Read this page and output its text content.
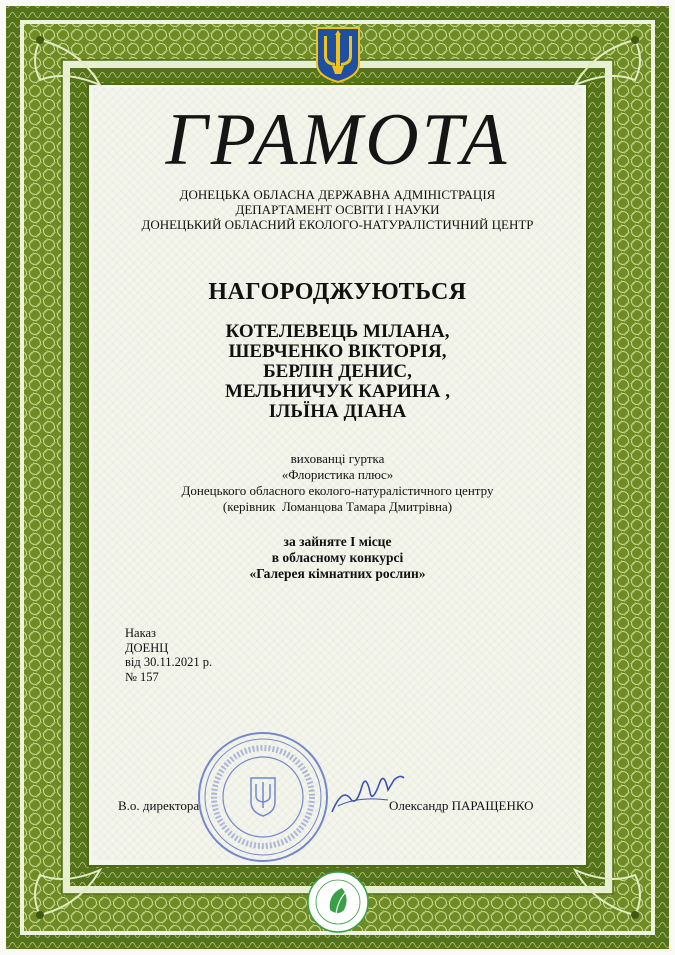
ГРАМОТА
ДОНЕЦЬКА ОБЛАСНА ДЕРЖАВНА АДМІНІСТРАЦІЯ
ДЕПАРТАМЕНТ ОСВІТИ І НАУКИ
ДОНЕЦЬКИЙ ОБЛАСНИЙ ЕКОЛОГО-НАТУРАЛІСТИЧНИЙ ЦЕНТР
НАГОРОДЖУЮТЬСЯ
КОТЕЛЕВЕЦЬ МІЛАНА,
ШЕВЧЕНКО ВІКТОРІЯ,
БЕРЛІН ДЕНИС,
МЕЛЬНИЧУК КАРИНА ,
ІЛЬЇНА ДІАНА
вихованці гуртка
«Флористика плюс»
Донецького обласного еколого-натуралістичного центру
(керівник  Ломанцова Тамара Дмитрівна)
за зайняте І місце
в обласному конкурсі
«Галерея кімнатних рослин»
Наказ
ДОЕНЦ
від 30.11.2021 р.
№ 157
В.о. директора	Олександр ПАРАЩЕНКО
